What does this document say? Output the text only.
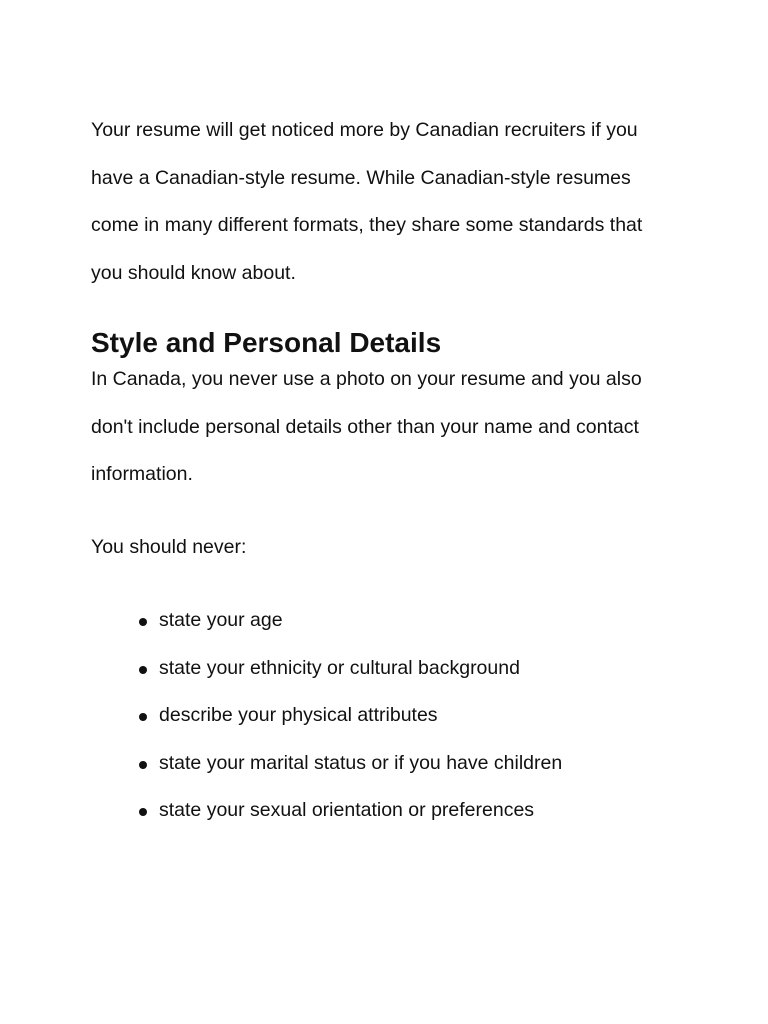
Your resume will get noticed more by Canadian recruiters if you
have a Canadian-style resume. While Canadian-style resumes
come in many different formats, they share some standards that
you should know about.

Style and Personal Details

In Canada, you never use a photo on your resume and you also
don't include personal details other than your name and contact
information.

You should never:

state your age
state your ethnicity or cultural background
describe your physical attributes
state your marital status or if you have children
state your sexual orientation or preferences
